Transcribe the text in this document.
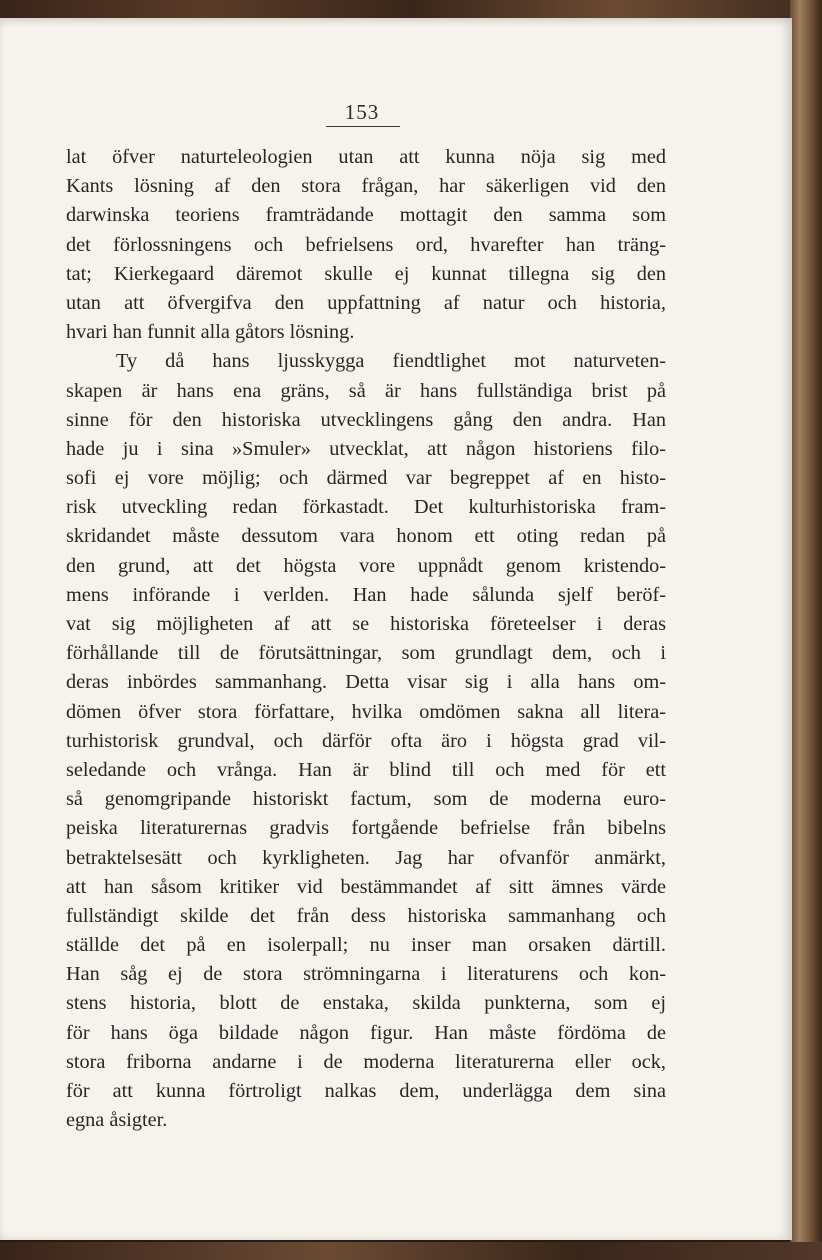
153
lat öfver naturteleologien utan att kunna nöja sig med
Kants lösning af den stora frågan, har säkerligen vid den
darwinska teoriens framträdande mottagit den samma som
det förlossningens och befrielsens ord, hvarefter han träng-
tat; Kierkegaard däremot skulle ej kunnat tillegna sig den
utan att öfvergifva den uppfattning af natur och historia,
hvari han funnit alla gåtors lösning.
Ty då hans ljusskygga fiendtlighet mot naturveten-
skapen är hans ena gräns, så är hans fullständiga brist på
sinne för den historiska utvecklingens gång den andra. Han
hade ju i sina »Smuler» utvecklat, att någon historiens filo-
sofi ej vore möjlig; och därmed var begreppet af en histo-
risk utveckling redan förkastadt. Det kulturhistoriska fram-
skridandet måste dessutom vara honom ett oting redan på
den grund, att det högsta vore uppnådt genom kristendo-
mens införande i verlden. Han hade sålunda sjelf beröf-
vat sig möjligheten af att se historiska företeelser i deras
förhållande till de förutsättningar, som grundlagt dem, och i
deras inbördes sammanhang. Detta visar sig i alla hans om-
dömen öfver stora författare, hvilka omdömen sakna all litera-
turhistorisk grundval, och därför ofta äro i högsta grad vil-
seledande och vrånga. Han är blind till och med för ett
så genomgripande historiskt factum, som de moderna euro-
peiska literaturernas gradvis fortgående befrielse från bibelns
betraktelsesätt och kyrkligheten. Jag har ofvanför anmärkt,
att han såsom kritiker vid bestämmandet af sitt ämnes värde
fullständigt skilde det från dess historiska sammanhang och
ställde det på en isolerpall; nu inser man orsaken därtill.
Han såg ej de stora strömningarna i literaturens och kon-
stens historia, blott de enstaka, skilda punkterna, som ej
för hans öga bildade någon figur. Han måste fördöma de
stora friborna andarne i de moderna literaturerna eller ock,
för att kunna förtroligt nalkas dem, underlägga dem sina
egna åsigter.
